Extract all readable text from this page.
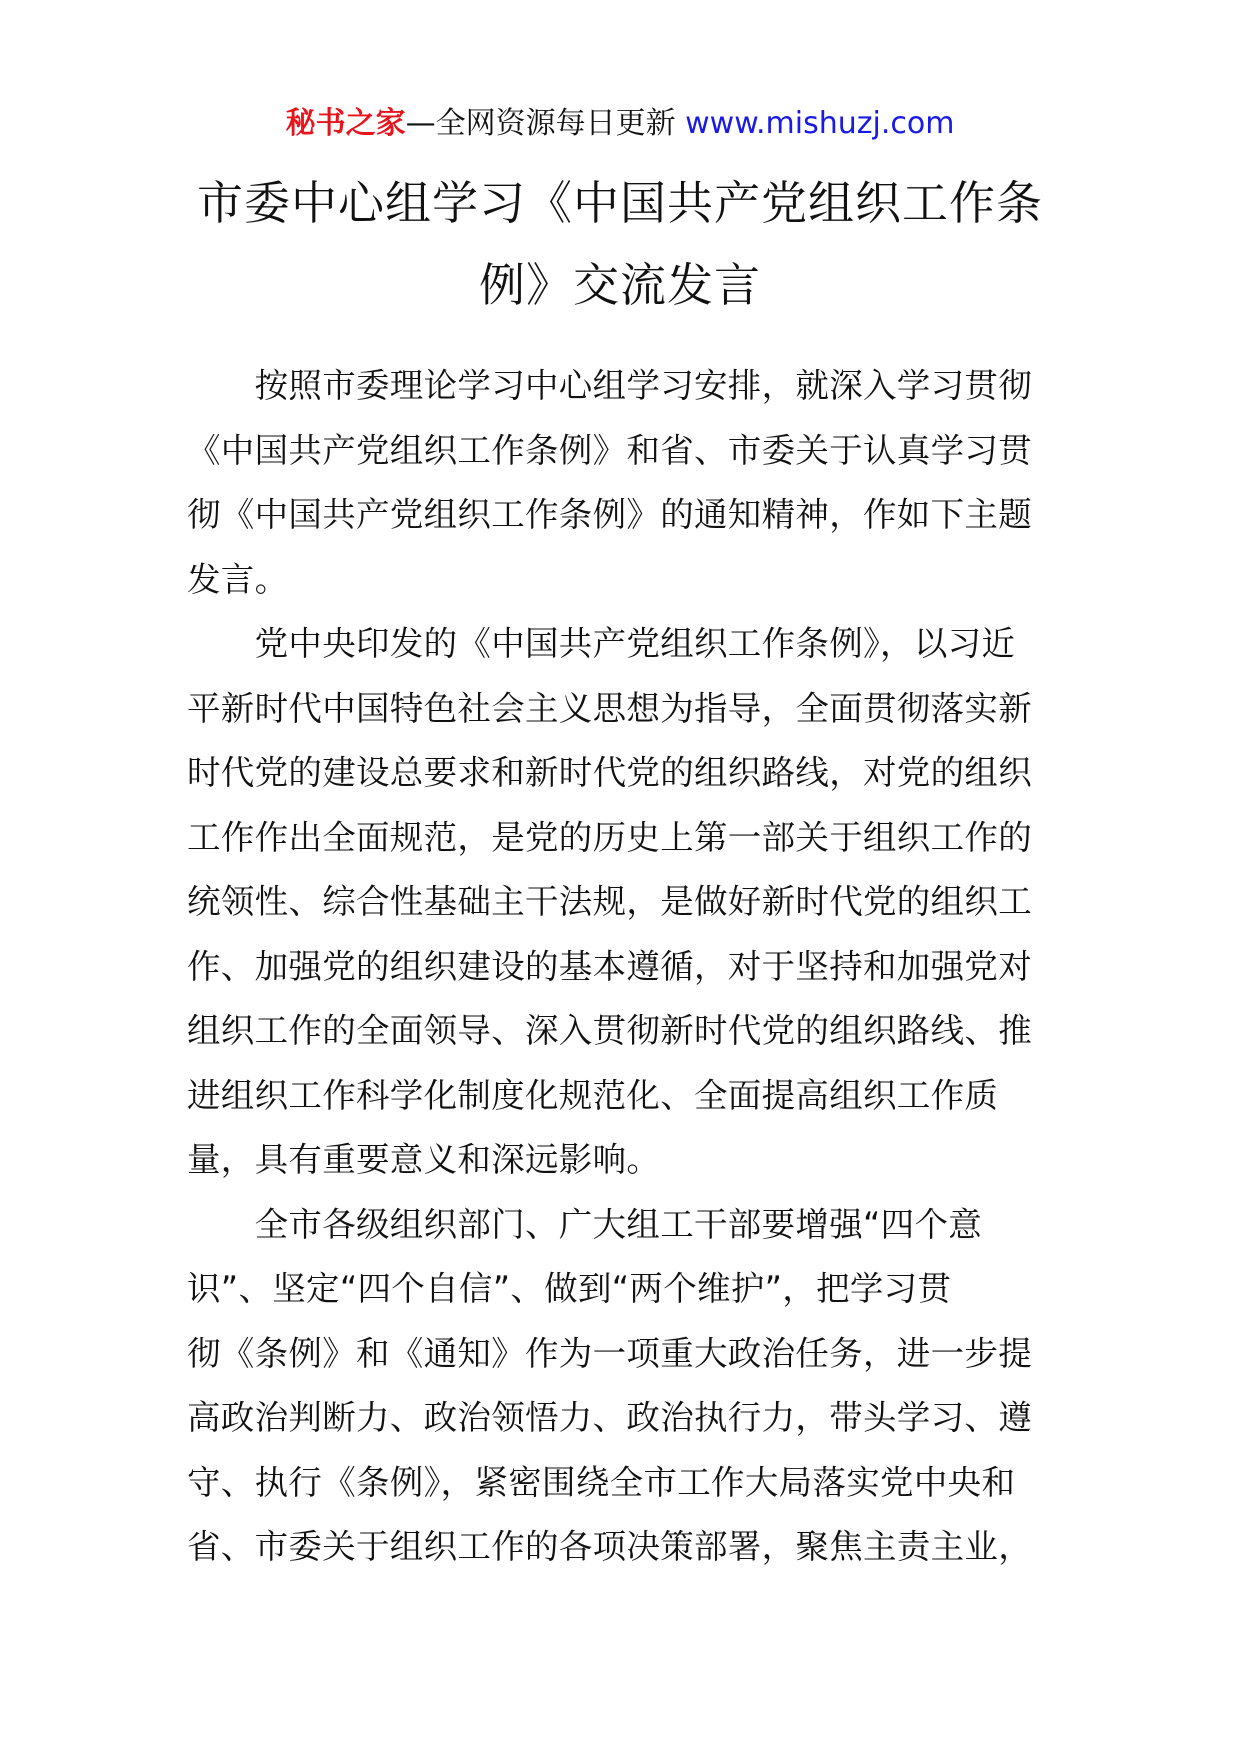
秘书之家—全网资源每日更新 www.mishuzj.com
市委中心组学习《中国共产党组织工作条
例》交流发言

　　按照市委理论学习中心组学习安排，就深入学习贯彻
《中国共产党组织工作条例》和省、市委关于认真学习贯
彻《中国共产党组织工作条例》的通知精神，作如下主题
发言。

　　党中央印发的《中国共产党组织工作条例》，以习近
平新时代中国特色社会主义思想为指导，全面贯彻落实新
时代党的建设总要求和新时代党的组织路线，对党的组织
工作作出全面规范，是党的历史上第一部关于组织工作的
统领性、综合性基础主干法规，是做好新时代党的组织工
作、加强党的组织建设的基本遵循，对于坚持和加强党对
组织工作的全面领导、深入贯彻新时代党的组织路线、推
进组织工作科学化制度化规范化、全面提高组织工作质
量，具有重要意义和深远影响。

　　全市各级组织部门、广大组工干部要增强“四个意
识”、坚定“四个自信”、做到“两个维护”，把学习贯
彻《条例》和《通知》作为一项重大政治任务，进一步提
高政治判断力、政治领悟力、政治执行力，带头学习、遵
守、执行《条例》，紧密围绕全市工作大局落实党中央和
省、市委关于组织工作的各项决策部署，聚焦主责主业，
